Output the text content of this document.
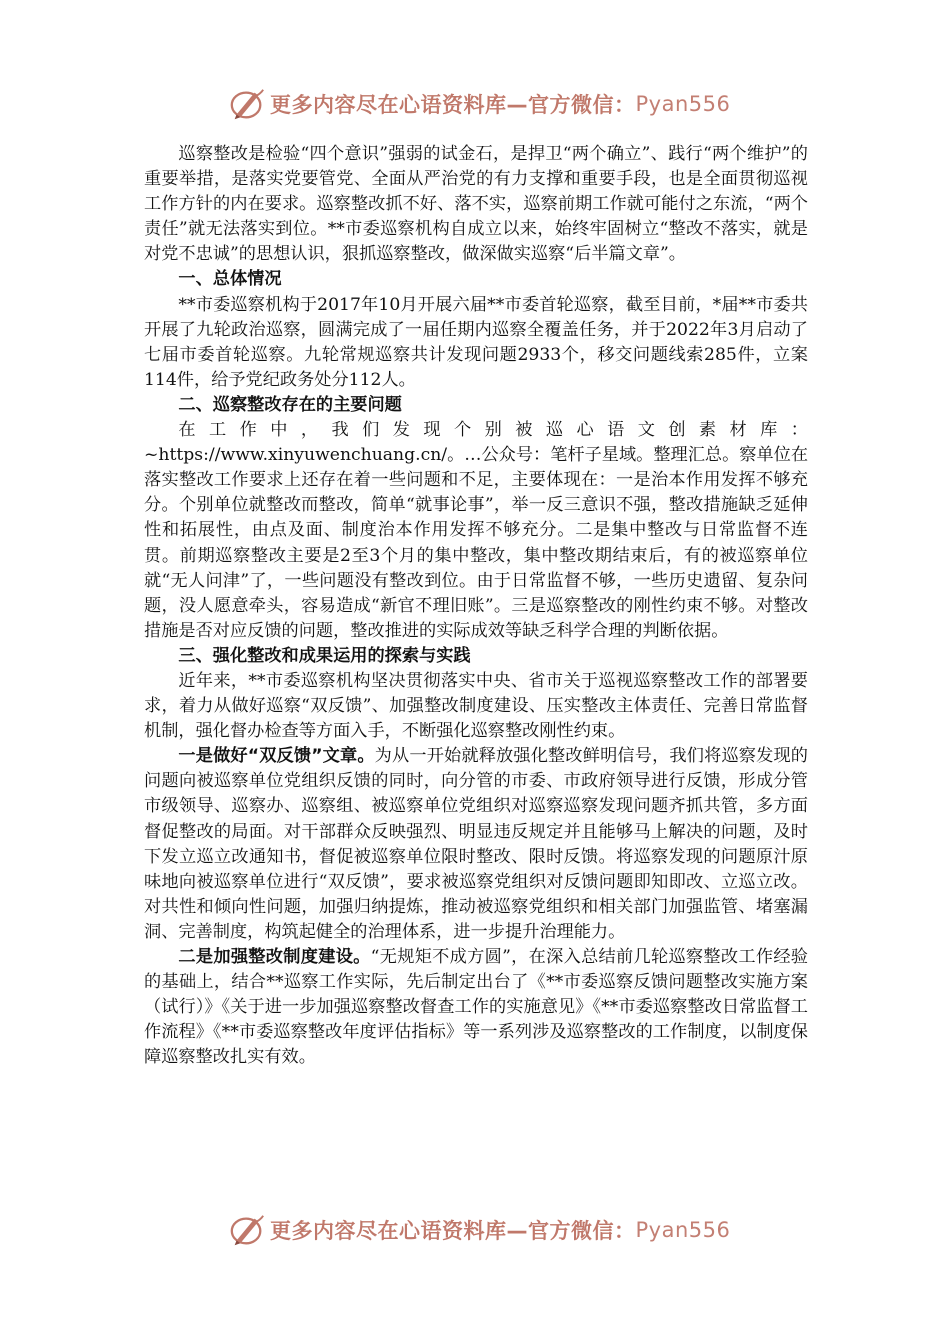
更多内容尽在心语资料库—官方微信： Pyan556

巡察整改是检验“四个意识”强弱的试金石，是捍卫“两个确立”、践行“两个维护”的重要举措，是落实党要管党、全面从严治党的有力支撑和重要手段，也是全面贯彻巡视工作方针的内在要求。巡察整改抓不好、落不实，巡察前期工作就可能付之东流，“两个责任”就无法落实到位。**市委巡察机构自成立以来，始终牢固树立“整改不落实，就是对党不忠诚”的思想认识，狠抓巡察整改，做深做实巡察“后半篇文章”。

一、总体情况

**市委巡察机构于2017年10月开展六届**市委首轮巡察，截至目前，*届**市委共开展了九轮政治巡察，圆满完成了一届任期内巡察全覆盖任务，并于2022年3月启动了七届市委首轮巡察。九轮常规巡察共计发现问题2933个，移交问题线索285件，立案114件，给予党纪政务处分112人。

二、巡察整改存在的主要问题

在工作中，我们发现个别被巡心语文创素材库：~https://www.xinyuwenchuang.cn/。…公众号：笔杆子星域。整理汇总。察单位在落实整改工作要求上还存在着一些问题和不足，主要体现在：一是治本作用发挥不够充分。个别单位就整改而整改，简单“就事论事”，举一反三意识不强，整改措施缺乏延伸性和拓展性，由点及面、制度治本作用发挥不够充分。二是集中整改与日常监督不连贯。前期巡察整改主要是2至3个月的集中整改，集中整改期结束后，有的被巡察单位就“无人问津”了，一些问题没有整改到位。由于日常监督不够，一些历史遗留、复杂问题，没人愿意牵头，容易造成“新官不理旧账”。三是巡察整改的刚性约束不够。对整改措施是否对应反馈的问题，整改推进的实际成效等缺乏科学合理的判断依据。

三、强化整改和成果运用的探索与实践

近年来，**市委巡察机构坚决贯彻落实中央、省市关于巡视巡察整改工作的部署要求，着力从做好巡察“双反馈”、加强整改制度建设、压实整改主体责任、完善日常监督机制，强化督办检查等方面入手，不断强化巡察整改刚性约束。

一是做好“双反馈”文章。为从一开始就释放强化整改鲜明信号，我们将巡察发现的问题向被巡察单位党组织反馈的同时，向分管的市委、市政府领导进行反馈，形成分管市级领导、巡察办、巡察组、被巡察单位党组织对巡察巡察发现问题齐抓共管，多方面督促整改的局面。对干部群众反映强烈、明显违反规定并且能够马上解决的问题，及时下发立巡立改通知书，督促被巡察单位限时整改、限时反馈。将巡察发现的问题原汁原味地向被巡察单位进行“双反馈”，要求被巡察党组织对反馈问题即知即改、立巡立改。对共性和倾向性问题，加强归纳提炼，推动被巡察党组织和相关部门加强监管、堵塞漏洞、完善制度，构筑起健全的治理体系，进一步提升治理能力。

二是加强整改制度建设。“无规矩不成方圆”，在深入总结前几轮巡察整改工作经验的基础上，结合**巡察工作实际，先后制定出台了《**市委巡察反馈问题整改实施方案（试行）》《关于进一步加强巡察整改督查工作的实施意见》《**市委巡察整改日常监督工作流程》《**市委巡察整改年度评估指标》等一系列涉及巡察整改的工作制度，以制度保障巡察整改扎实有效。

更多内容尽在心语资料库—官方微信： Pyan556
